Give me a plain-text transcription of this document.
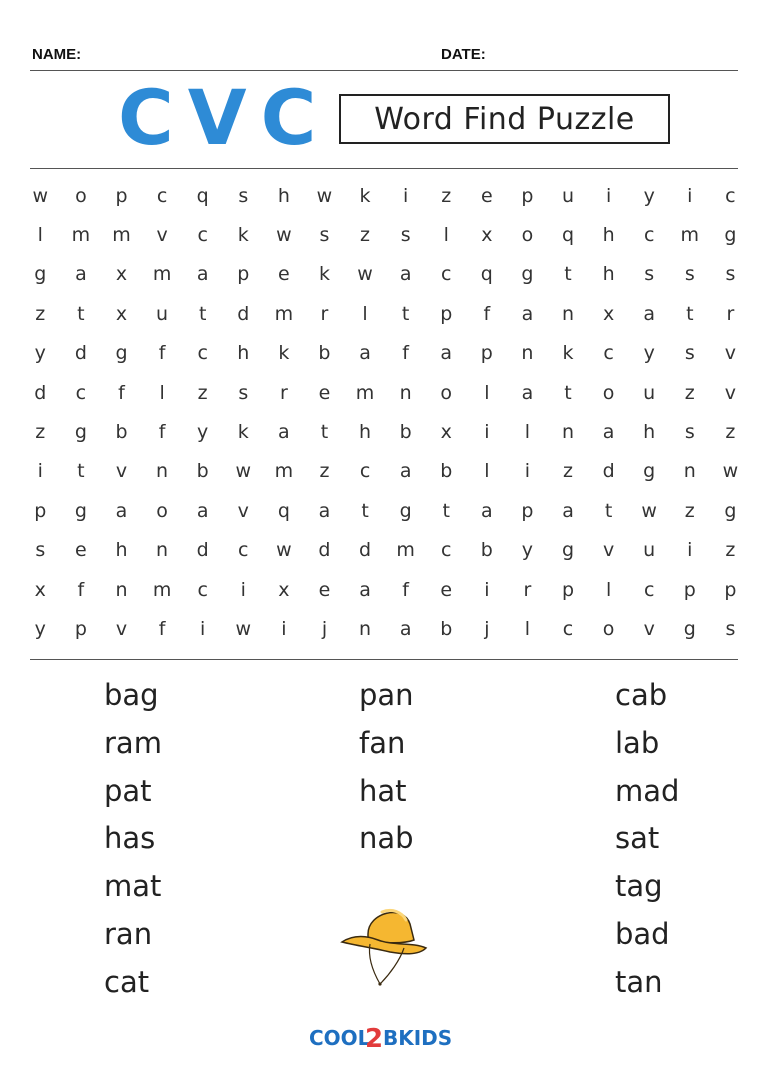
NAME:	DATE:
CVC Word Find Puzzle
w	o	p	c	q	s	h	w	k	i	z	e	p	u	i	y	i	c
l	m	m	v	c	k	w	s	z	s	l	x	o	q	h	c	m	g
g	a	x	m	a	p	e	k	w	a	c	q	g	t	h	s	s	s
z	t	x	u	t	d	m	r	l	t	p	f	a	n	x	a	t	r
y	d	g	f	c	h	k	b	a	f	a	p	n	k	c	y	s	v
d	c	f	l	z	s	r	e	m	n	o	l	a	t	o	u	z	v
z	g	b	f	y	k	a	t	h	b	x	i	l	n	a	h	s	z
i	t	v	n	b	w	m	z	c	a	b	l	i	z	d	g	n	w
p	g	a	o	a	v	q	a	t	g	t	a	p	a	t	w	z	g
s	e	h	n	d	c	w	d	d	m	c	b	y	g	v	u	i	z
x	f	n	m	c	i	x	e	a	f	e	i	r	p	l	c	p	p
y	p	v	f	i	w	i	j	n	a	b	j	l	c	o	v	g	s
bag
ram
pat
has
mat
ran
cat
pan
fan
hat
nab
cab
lab
mad
sat
tag
bad
tan
COOL
2 BKIDS
